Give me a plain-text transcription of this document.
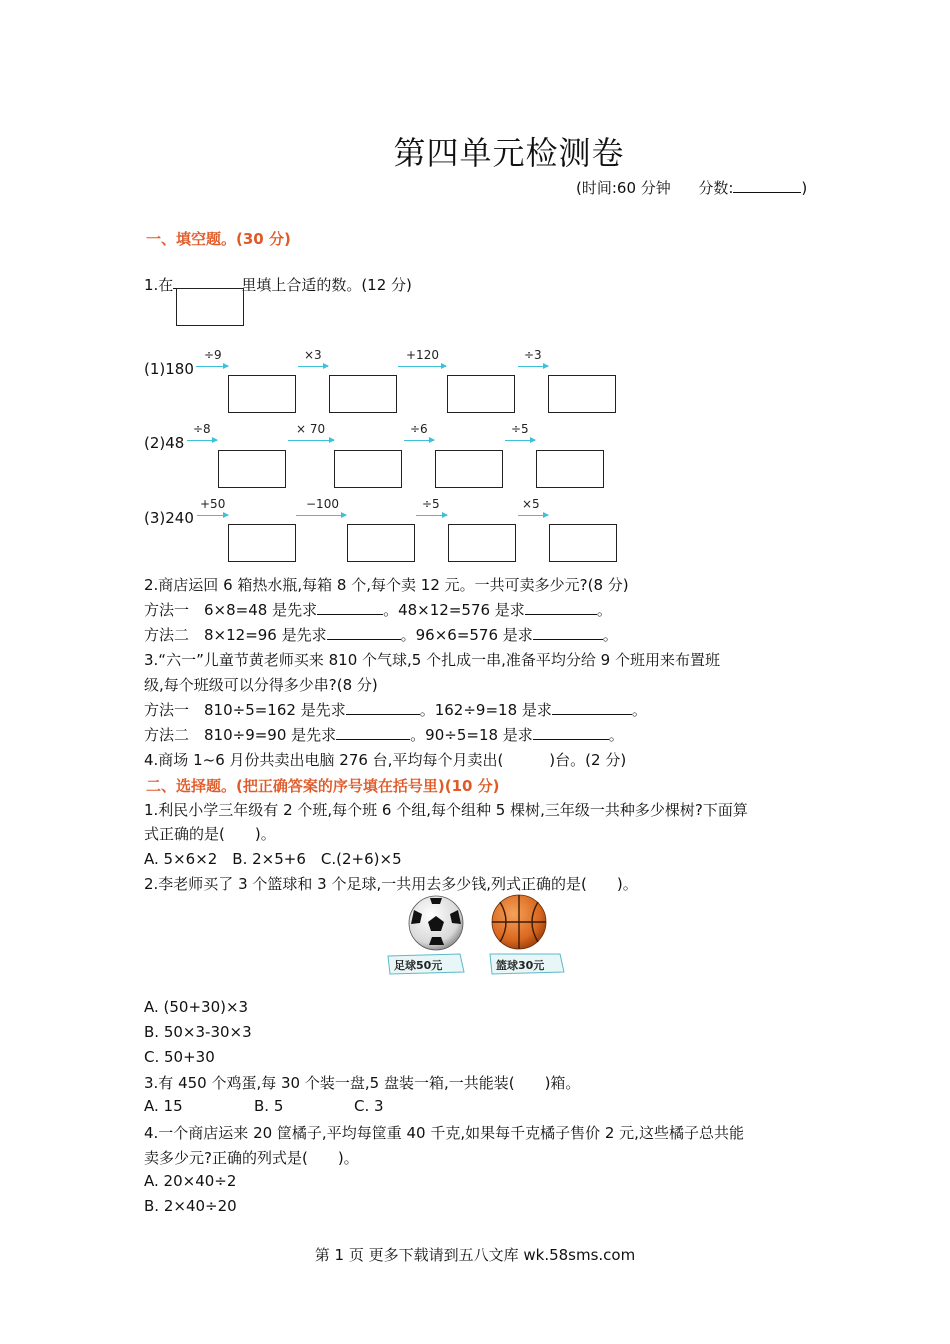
第四单元检测卷
(时间:60 分钟 分数:	)
一、填空题。(30 分)
1.在	里填上合适的数。(12 分)
(1)180
÷9	×3	+120	÷3
(2)48
÷8	× 70	÷6	÷5
(3)240
+50	−100	÷5	×5
2.商店运回 6 箱热水瓶,每箱 8 个,每个卖 12 元。一共可卖多少元?(8 分)
方法一　6×8=48 是先求	。48×12=576 是求	。
方法二　8×12=96 是先求	。96×6=576 是求	。
3.“六一”儿童节黄老师买来 810 个气球,5 个扎成一串,准备平均分给 9 个班用来布置班
级,每个班级可以分得多少串?(8 分)
方法一　810÷5=162 是先求	。162÷9=18 是求	。
方法二　810÷9=90 是先求	。90÷5=18 是求	。
4.商场 1~6 月份共卖出电脑 276 台,平均每个月卖出(	)台。(2 分)
二、选择题。(把正确答案的序号填在括号里)(10 分)
1.利民小学三年级有 2 个班,每个班 6 个组,每个组种 5 棵树,三年级一共种多少棵树?下面算
式正确的是(　　)。
A. 5×6×2　B. 2×5+6　C.(2+6)×5
2.李老师买了 3 个篮球和 3 个足球,一共用去多少钱,列式正确的是(　　)。
足球50元	篮球30元
A. (50+30)×3
B. 50×3-30×3
C. 50+30
3.有 450 个鸡蛋,每 30 个装一盘,5 盘装一箱,一共能装(　　)箱。
A. 15	B. 5	C. 3
4.一个商店运来 20 筐橘子,平均每筐重 40 千克,如果每千克橘子售价 2 元,这些橘子总共能
卖多少元?正确的列式是(　　)。
A. 20×40÷2
B. 2×40÷20
第 1 页 更多下载请到五八文库 wk.58sms.com
